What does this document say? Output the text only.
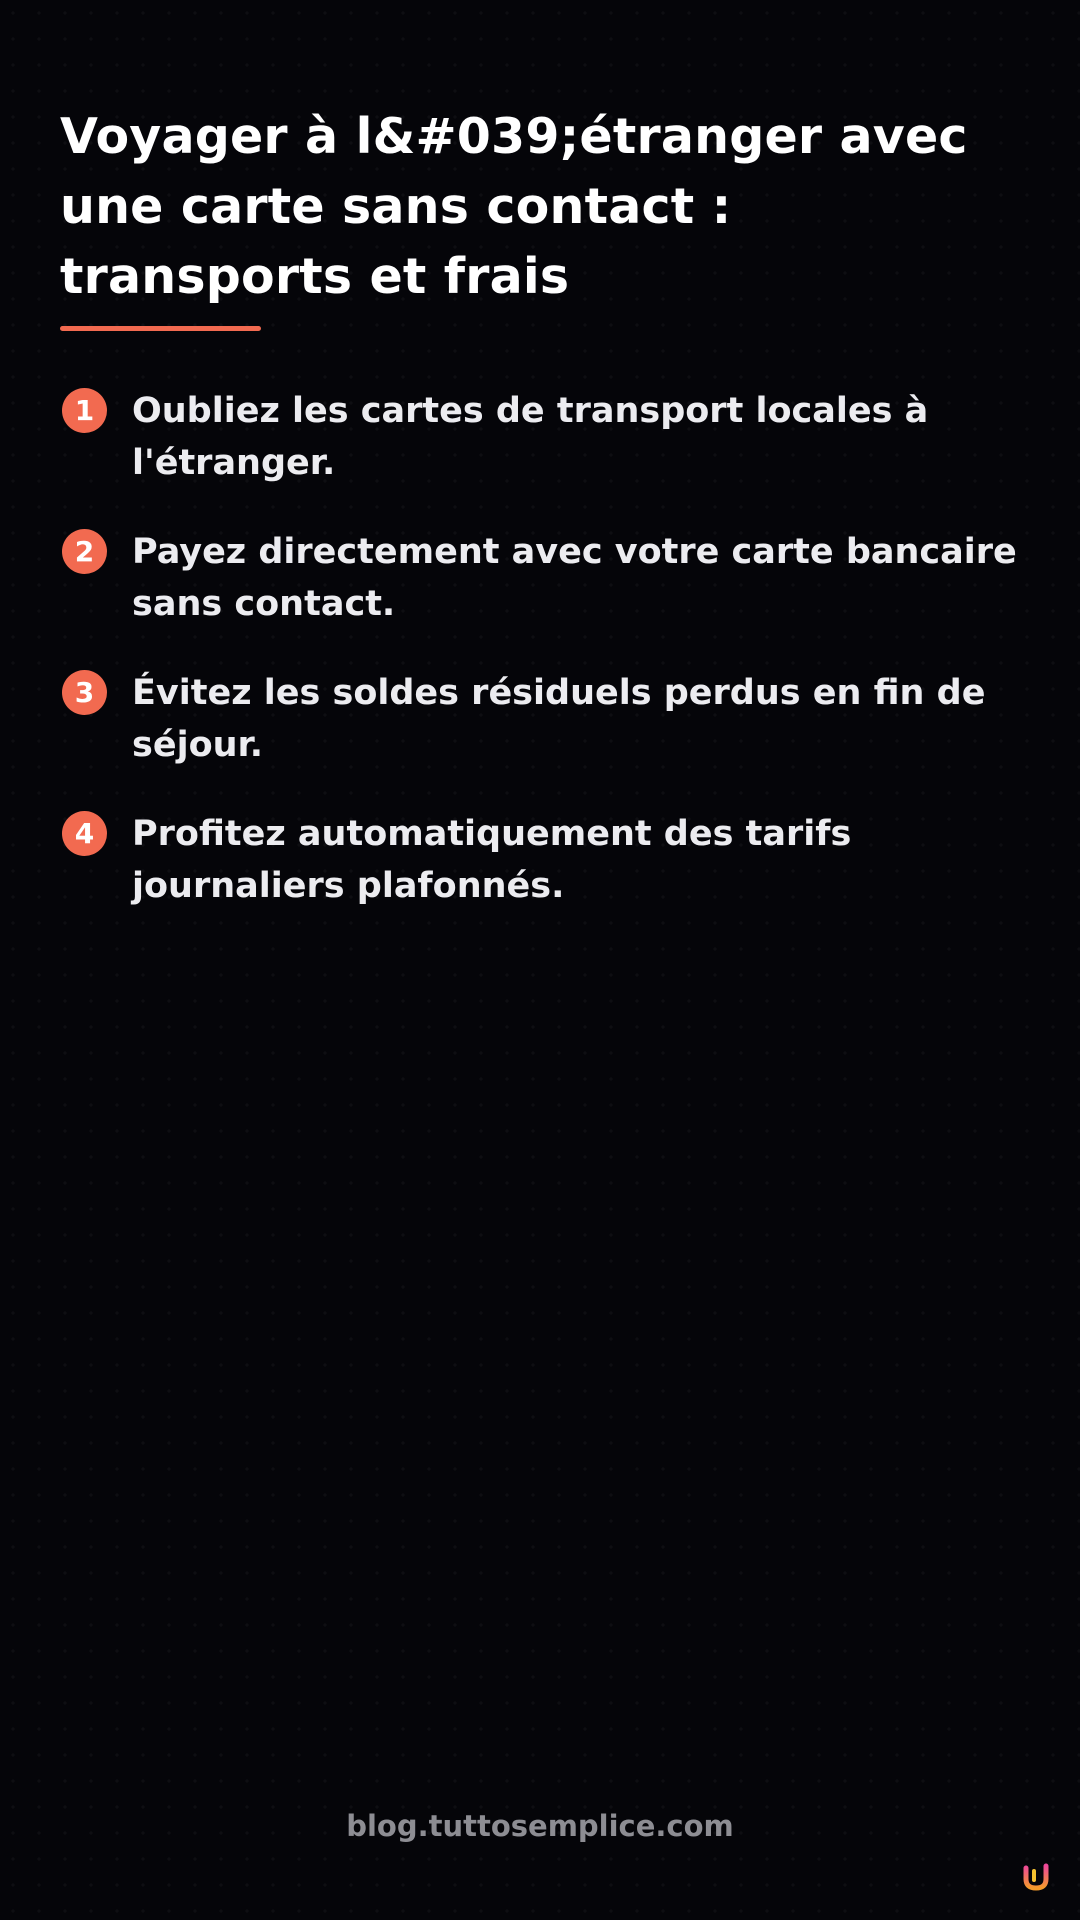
Voyager à l&#039;étranger avec une carte sans contact : transports et frais
1	Oubliez les cartes de transport locales à l'étranger.
2	Payez directement avec votre carte bancaire sans contact.
3	Évitez les soldes résiduels perdus en fin de séjour.
4	Profitez automatiquement des tarifs journaliers plafonnés.
blog.tuttosemplice.com
